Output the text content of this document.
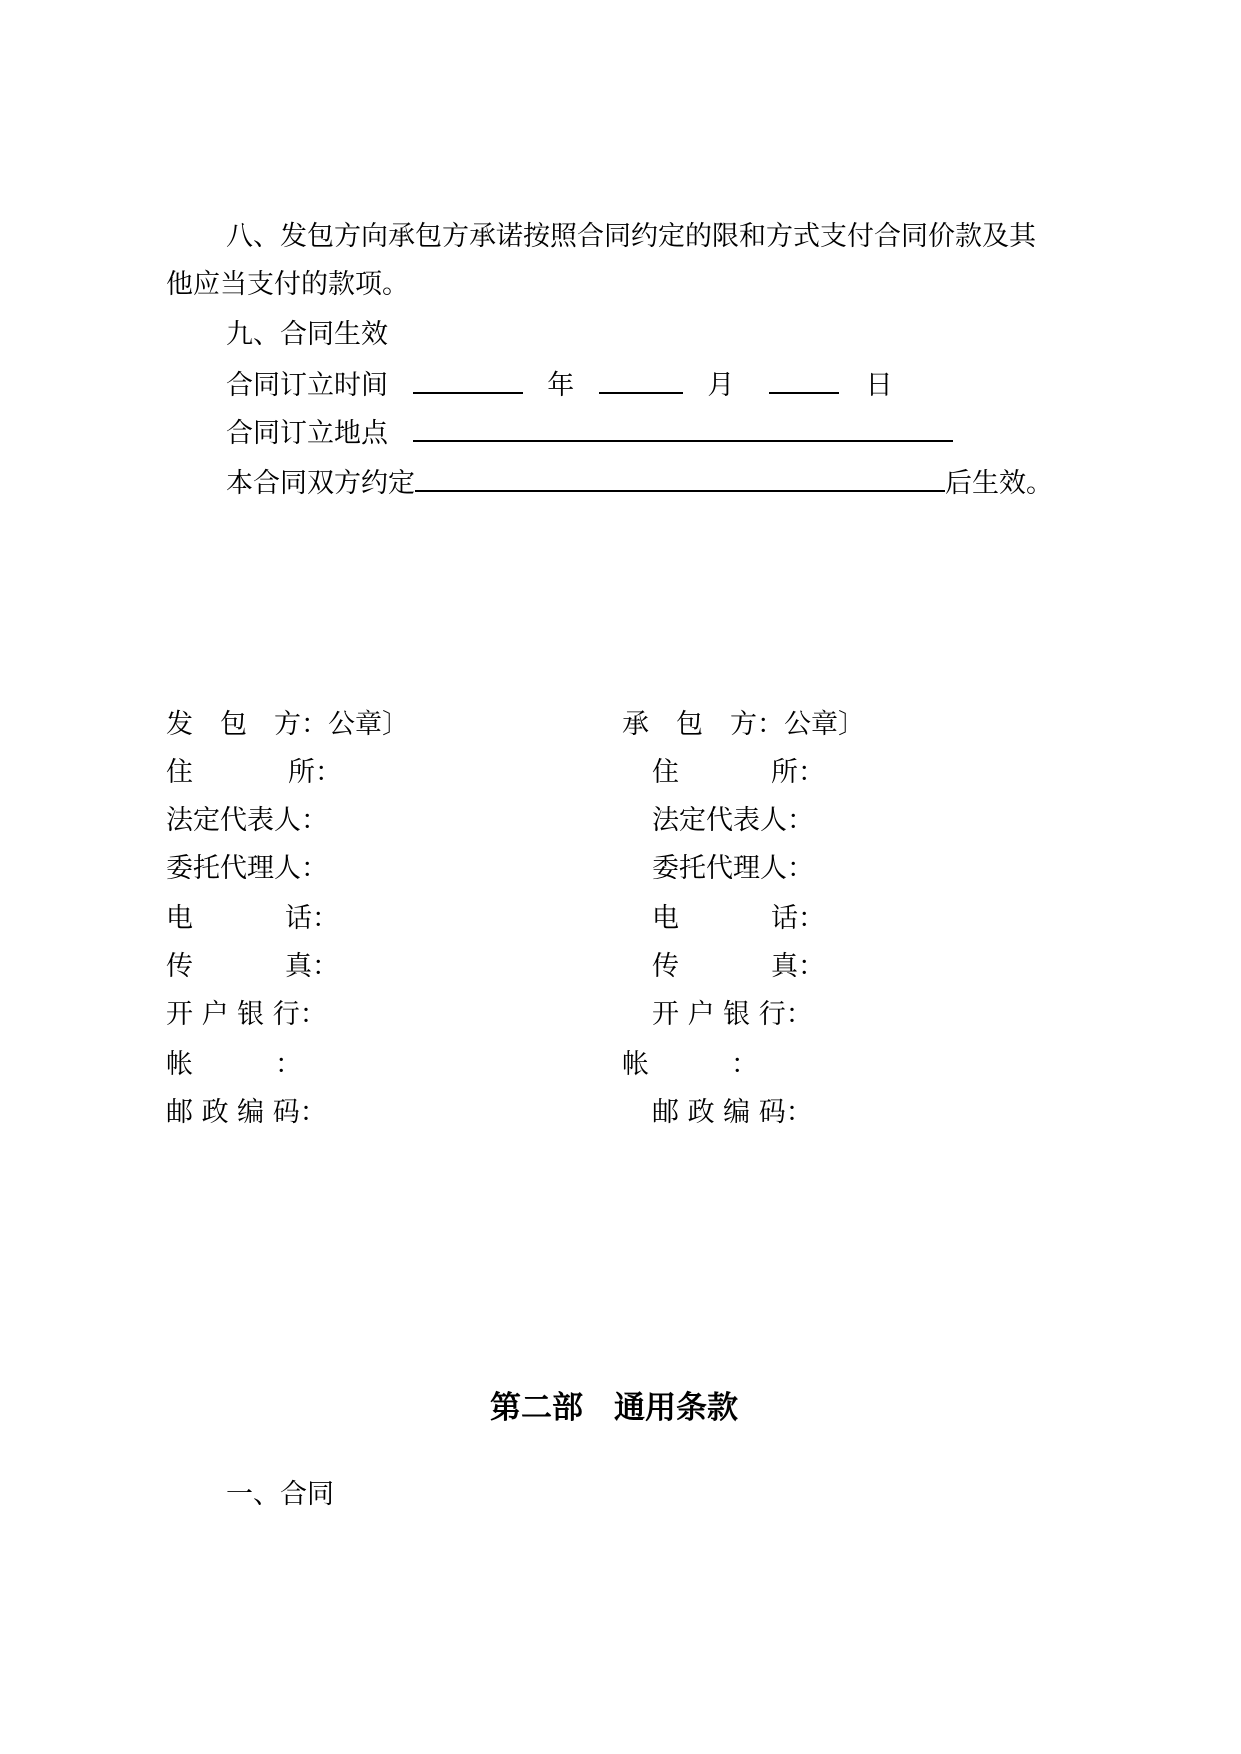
八、发包方向承包方承诺按照合同约定的限和方式支付合同价款及其

他应当支付的款项。

九、合同生效

合同订立时间	年	月	日
合同订立地点
本合同双方约定	后生效。

发　包　方：公章〕

住	所：

法定代表人：

委托代理人：

电	话：

传	真：

开 户 银 行：

帐	：

邮 政 编 码：

承　包　方：公章〕

住	所：

法定代表人：

委托代理人：

电	话：

传	真：

开 户 银 行：

帐	：

邮 政 编 码：

第二部　通用条款

一、合同
